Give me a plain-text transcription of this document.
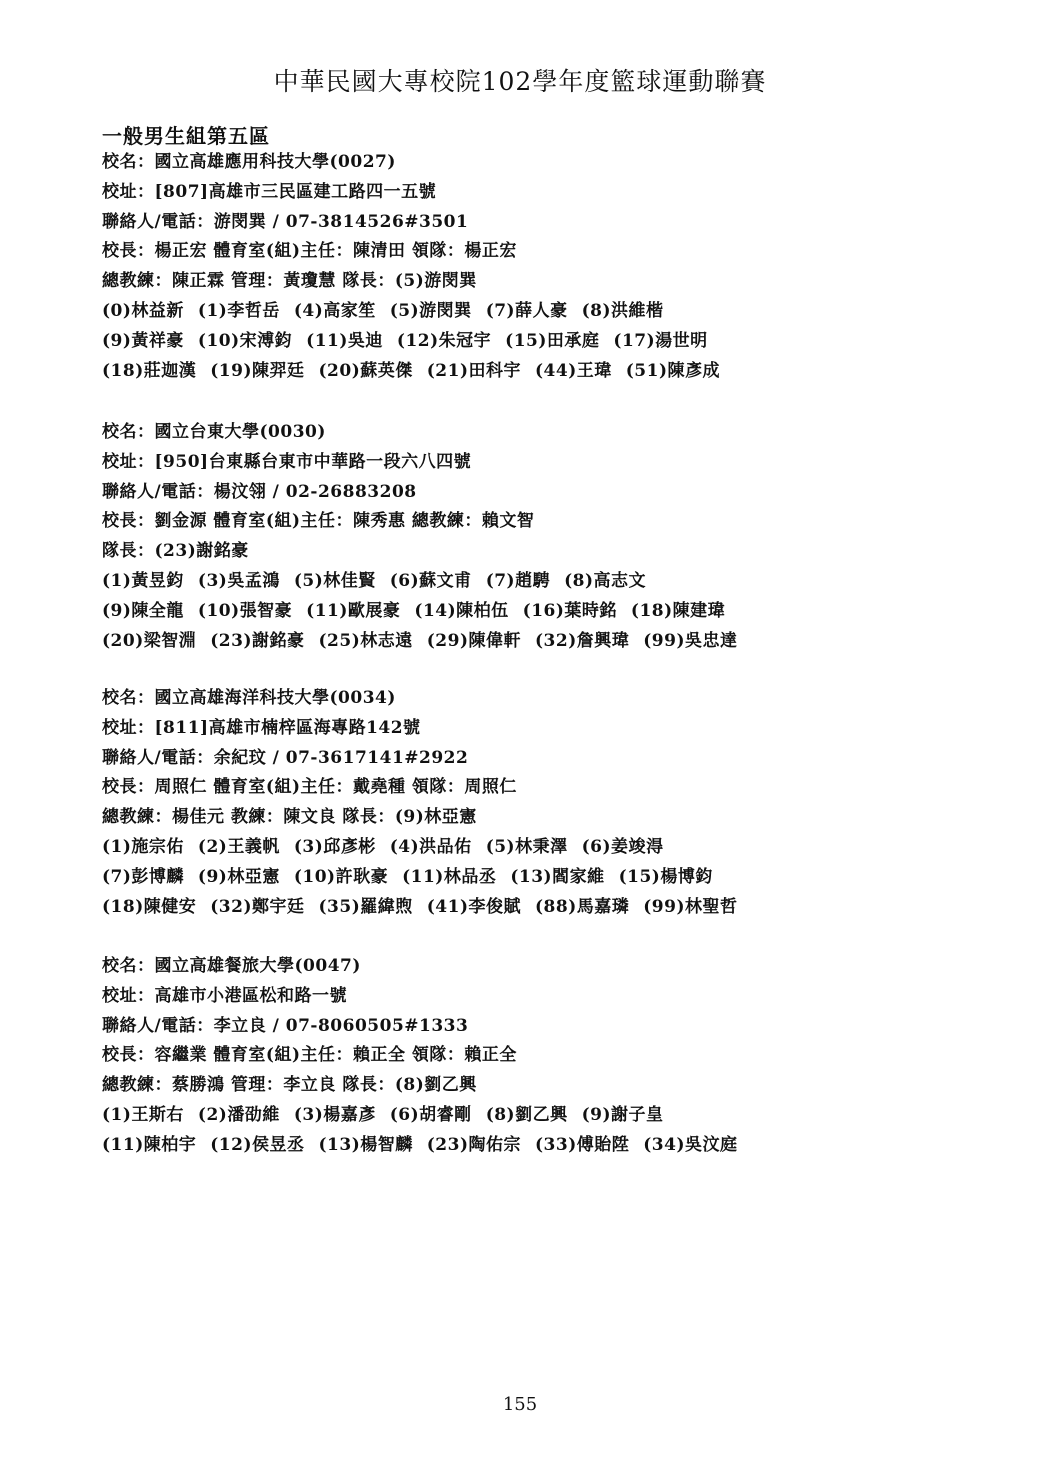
中華民國大專校院102學年度籃球運動聯賽
一般男生組第五區
校名：國立高雄應用科技大學(0027)
校址：[807]高雄市三民區建工路四一五號
聯絡人/電話：游閔巽 / 07-3814526#3501
校長：楊正宏 體育室(組)主任：陳清田 領隊：楊正宏
總教練：陳正霖 管理：黃瓊慧 隊長：(5)游閔巽
(0)林益新 (1)李哲岳 (4)高家笙 (5)游閔巽 (7)薛人豪 (8)洪維楷
(9)黃祥豪 (10)宋溥鈞 (11)吳迪 (12)朱冠宇 (15)田承庭 (17)湯世明
(18)莊迦漢 (19)陳羿廷 (20)蘇英傑 (21)田科宇 (44)王瑋 (51)陳彥成
校名：國立台東大學(0030)
校址：[950]台東縣台東市中華路一段六八四號
聯絡人/電話：楊汶翎 / 02-26883208
校長：劉金源 體育室(組)主任：陳秀惠 總教練：賴文智
隊長：(23)謝銘豪
(1)黃昱鈞 (3)吳孟鴻 (5)林佳賢 (6)蘇文甫 (7)趙騁 (8)高志文
(9)陳全龍 (10)張智豪 (11)歐展豪 (14)陳柏伍 (16)葉時銘 (18)陳建瑋
(20)梁智淵 (23)謝銘豪 (25)林志遠 (29)陳偉軒 (32)詹興瑋 (99)吳忠達
校名：國立高雄海洋科技大學(0034)
校址：[811]高雄市楠梓區海專路142號
聯絡人/電話：余紀玟 / 07-3617141#2922
校長：周照仁 體育室(組)主任：戴堯種 領隊：周照仁
總教練：楊佳元 教練：陳文良 隊長：(9)林亞憲
(1)施宗佑 (2)王義帆 (3)邱彥彬 (4)洪品佑 (5)林秉澤 (6)姜竣淂
(7)彭博麟 (9)林亞憲 (10)許耿豪 (11)林品丞 (13)閻家維 (15)楊博鈞
(18)陳健安 (32)鄭宇廷 (35)羅緯煦 (41)李俊賦 (88)馬嘉璘 (99)林聖哲
校名：國立高雄餐旅大學(0047)
校址：高雄市小港區松和路一號
聯絡人/電話：李立良 / 07-8060505#1333
校長：容繼業 體育室(組)主任：賴正全 領隊：賴正全
總教練：蔡勝鴻 管理：李立良 隊長：(8)劉乙興
(1)王斯右 (2)潘劭維 (3)楊嘉彥 (6)胡睿剛 (8)劉乙興 (9)謝子皇
(11)陳柏宇 (12)侯昱丞 (13)楊智麟 (23)陶佑宗 (33)傅貽陞 (34)吳汶庭
155
